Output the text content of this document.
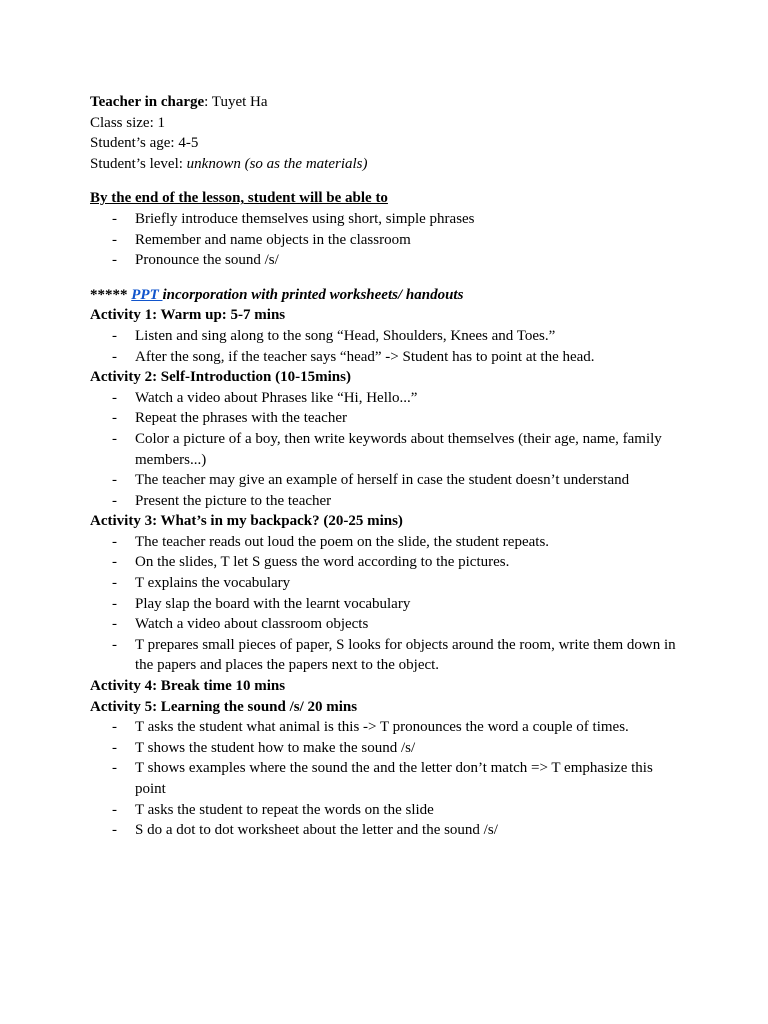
Teacher in charge: Tuyet Ha

Class size: 1

Student’s age: 4-5

Student’s level: unknown (so as the materials)

By the end of the lesson, student will be able to

- Briefly introduce themselves using short, simple phrases
- Remember and name objects in the classroom
- Pronounce the sound /s/

***** PPT incorporation with printed worksheets/ handouts

Activity 1: Warm up: 5-7 mins

- Listen and sing along to the song “Head, Shoulders, Knees and Toes.”
- After the song, if the teacher says “head” -> Student has to point at the head.

Activity 2: Self-Introduction (10-15mins)

- Watch a video about Phrases like “Hi, Hello...”
- Repeat the phrases with the teacher
- Color a picture of a boy, then write keywords about themselves (their age, name, family members...)
- The teacher may give an example of herself in case the student doesn’t understand
- Present the picture to the teacher

Activity 3: What’s in my backpack? (20-25 mins)

- The teacher reads out loud the poem on the slide, the student repeats.
- On the slides, T let S guess the word according to the pictures.
- T explains the vocabulary
- Play slap the board with the learnt vocabulary
- Watch a video about classroom objects
- T prepares small pieces of paper, S looks for objects around the room, write them down in the papers and places the papers next to the object.

Activity 4: Break time 10 mins

Activity 5: Learning the sound /s/ 20 mins

- T asks the student what animal is this -> T pronounces the word a couple of times.
- T shows the student how to make the sound /s/
- T shows examples where the sound the and the letter don’t match => T emphasize this point
- T asks the student to repeat the words on the slide
- S do a dot to dot worksheet about the letter and the sound /s/
